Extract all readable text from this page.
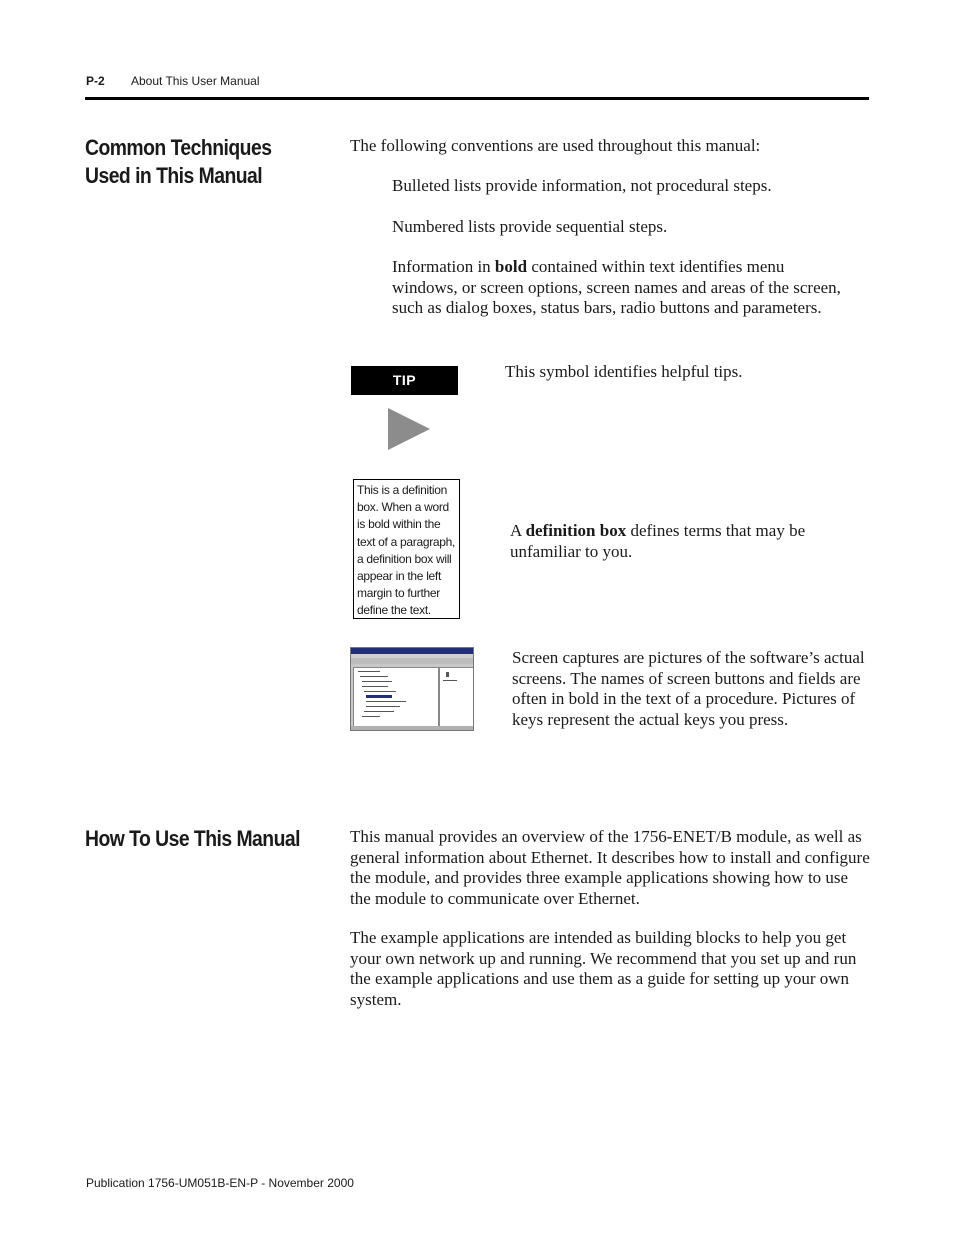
P-2 About This User Manual
Common Techniques
Used in This Manual
The following conventions are used throughout this manual:
Bulleted lists provide information, not procedural steps.
Numbered lists provide sequential steps.
Information in bold contained within text identifies menu windows, or screen options, screen names and areas of the screen, such as dialog boxes, status bars, radio buttons and parameters.
TIP	This symbol identifies helpful tips.
This is a definition box. When a word is bold within the text of a paragraph, a definition box will appear in the left margin to further define the text.
A definition box defines terms that may be unfamiliar to you.
Screen captures are pictures of the software’s actual screens. The names of screen buttons and fields are often in bold in the text of a procedure. Pictures of keys represent the actual keys you press.
How To Use This Manual	This manual provides an overview of the 1756-ENET/B module, as well as general information about Ethernet. It describes how to install and configure the module, and provides three example applications showing how to use the module to communicate over Ethernet.
The example applications are intended as building blocks to help you get your own network up and running. We recommend that you set up and run the example applications and use them as a guide for setting up your own system.
Publication 1756-UM051B-EN-P - November 2000
